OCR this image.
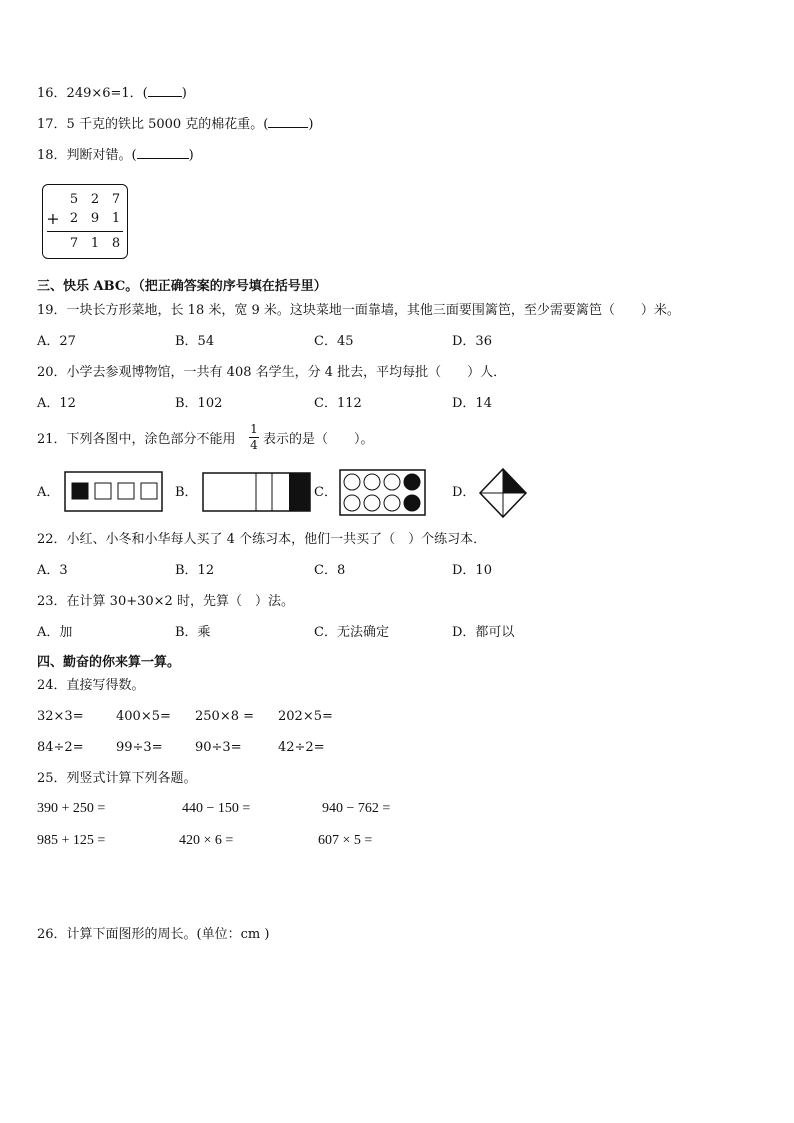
16．249×6=1．(	)
17．5 千克的铁比 5000 克的棉花重。(	)
18．判断对错。(	)
5 2 7
+ 2 9 1
7 1 8
三、快乐 ABC。（把正确答案的序号填在括号里）
19．一块长方形菜地，长 18 米，宽 9 米。这块菜地一面靠墙，其他三面要围篱笆，至少需要篱笆（　　）米。
A．27	B．54	C．45	D．36
20．小学去参观博物馆，一共有 408 名学生，分 4 批去，平均每批（　　）人．
A．12	B．102	C．112	D．14
21．下列各图中，涂色部分不能用
1
4 表示的是（　　）。
A．	B．	C．	D．
22．小红、小冬和小华每人买了 4 个练习本，他们一共买了（　）个练习本．
A．3	B．12	C．8	D．10
23．在计算 30+30×2 时，先算（　）法。
A．加	B．乘	C．无法确定	D．都可以
四、勤奋的你来算一算。
24．直接写得数。
32×3= 400×5= 250×8 = 202×5=
84÷2= 99÷3= 90÷3=	42÷2=
25．列竖式计算下列各题。
390 + 250 =	440 − 150 =	940 − 762 =
985 + 125 =	420 × 6 =	607 × 5 =
26．计算下面图形的周长。(单位：cm )
